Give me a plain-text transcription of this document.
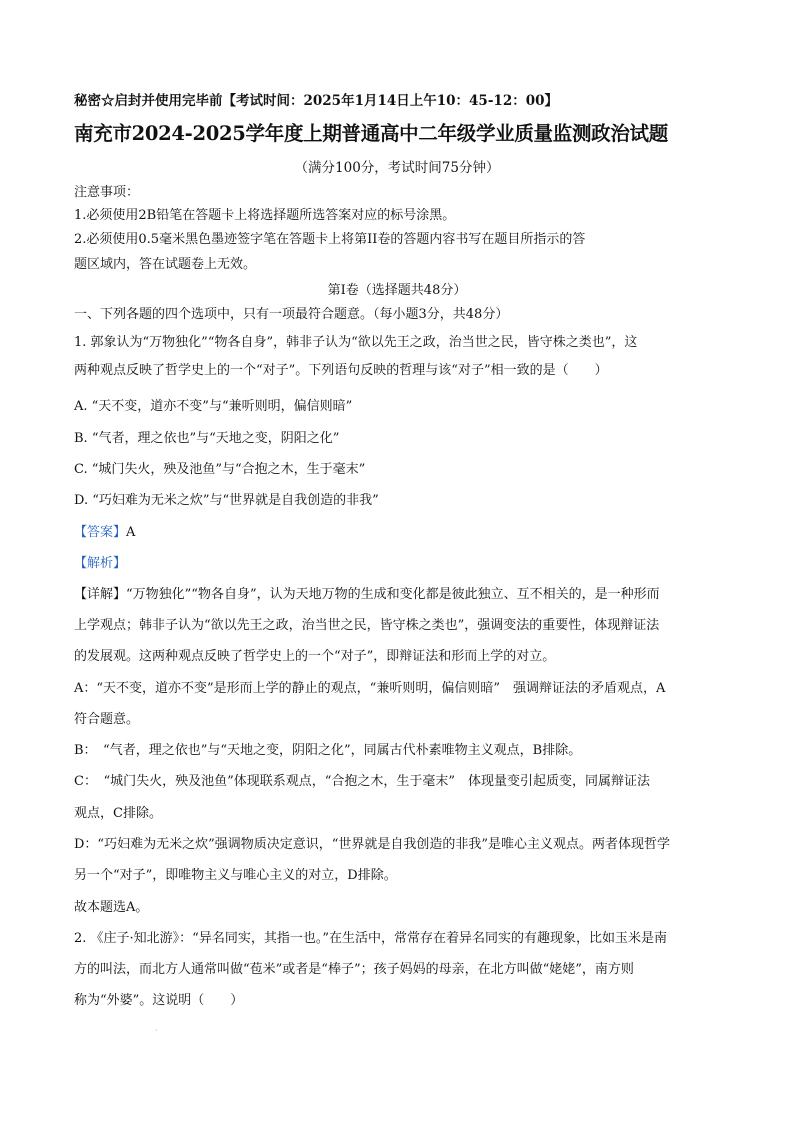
秘密☆启封并使用完毕前【考试时间：2025年1月14日上午10：45-12：00】
南充市2024-2025学年度上期普通高中二年级学业质量监测政治试题
（满分100分，考试时间75分钟）
注意事项：
1.必须使用2B铅笔在答题卡上将选择题所选答案对应的标号涂黑。
2.必须使用0.5毫米黑色墨迹签字笔在答题卡上将第II卷的答题内容书写在题目所指示的答
题区域内，答在试题卷上无效。
第I卷（选择题共48分）
一、下列各题的四个选项中，只有一项最符合题意。（每小题3分，共48分）
1. 郭象认为“万物独化”“物各自身”，韩非子认为“欲以先王之政，治当世之民，皆守株之类也”，这
两种观点反映了哲学史上的一个“对子”。下列语句反映的哲理与该“对子”相一致的是（　　）
A. “天不变，道亦不变”与“兼听则明，偏信则暗”
B. “气者，理之依也”与“天地之变，阴阳之化”
C. “城门失火，殃及池鱼”与“合抱之木，生于毫末”
D. “巧妇难为无米之炊”与“世界就是自我创造的非我”
【答案】A
【解析】
【详解】“万物独化”“物各自身”，认为天地万物的生成和变化都是彼此独立、互不相关的，是一种形而
上学观点；韩非子认为“欲以先王之政，治当世之民，皆守株之类也”，强调变法的重要性，体现辩证法
的发展观。这两种观点反映了哲学史上的一个“对子”，即辩证法和形而上学的对立。
A：“天不变，道亦不变”是形而上学的静止的观点，“兼听则明，偏信则暗”　强调辩证法的矛盾观点，A
符合题意。
B：　“气者，理之依也”与“天地之变，阴阳之化”，同属古代朴素唯物主义观点，B排除。
C：　“城门失火，殃及池鱼”体现联系观点，“合抱之木，生于毫末”　体现量变引起质变，同属辩证法
观点，C排除。
D：“巧妇难为无米之炊”强调物质决定意识，“世界就是自我创造的非我”是唯心主义观点。两者体现哲学
另一个“对子”，即唯物主义与唯心主义的对立，D排除。
故本题选A。
2. 《庄子·知北游》：“异名同实，其指一也。”在生活中，常常存在着异名同实的有趣现象，比如玉米是南
方的叫法，而北方人通常叫做“苞米”或者是“棒子”；孩子妈妈的母亲，在北方叫做“姥姥”，南方则
称为“外婆”。这说明（　　）
·
